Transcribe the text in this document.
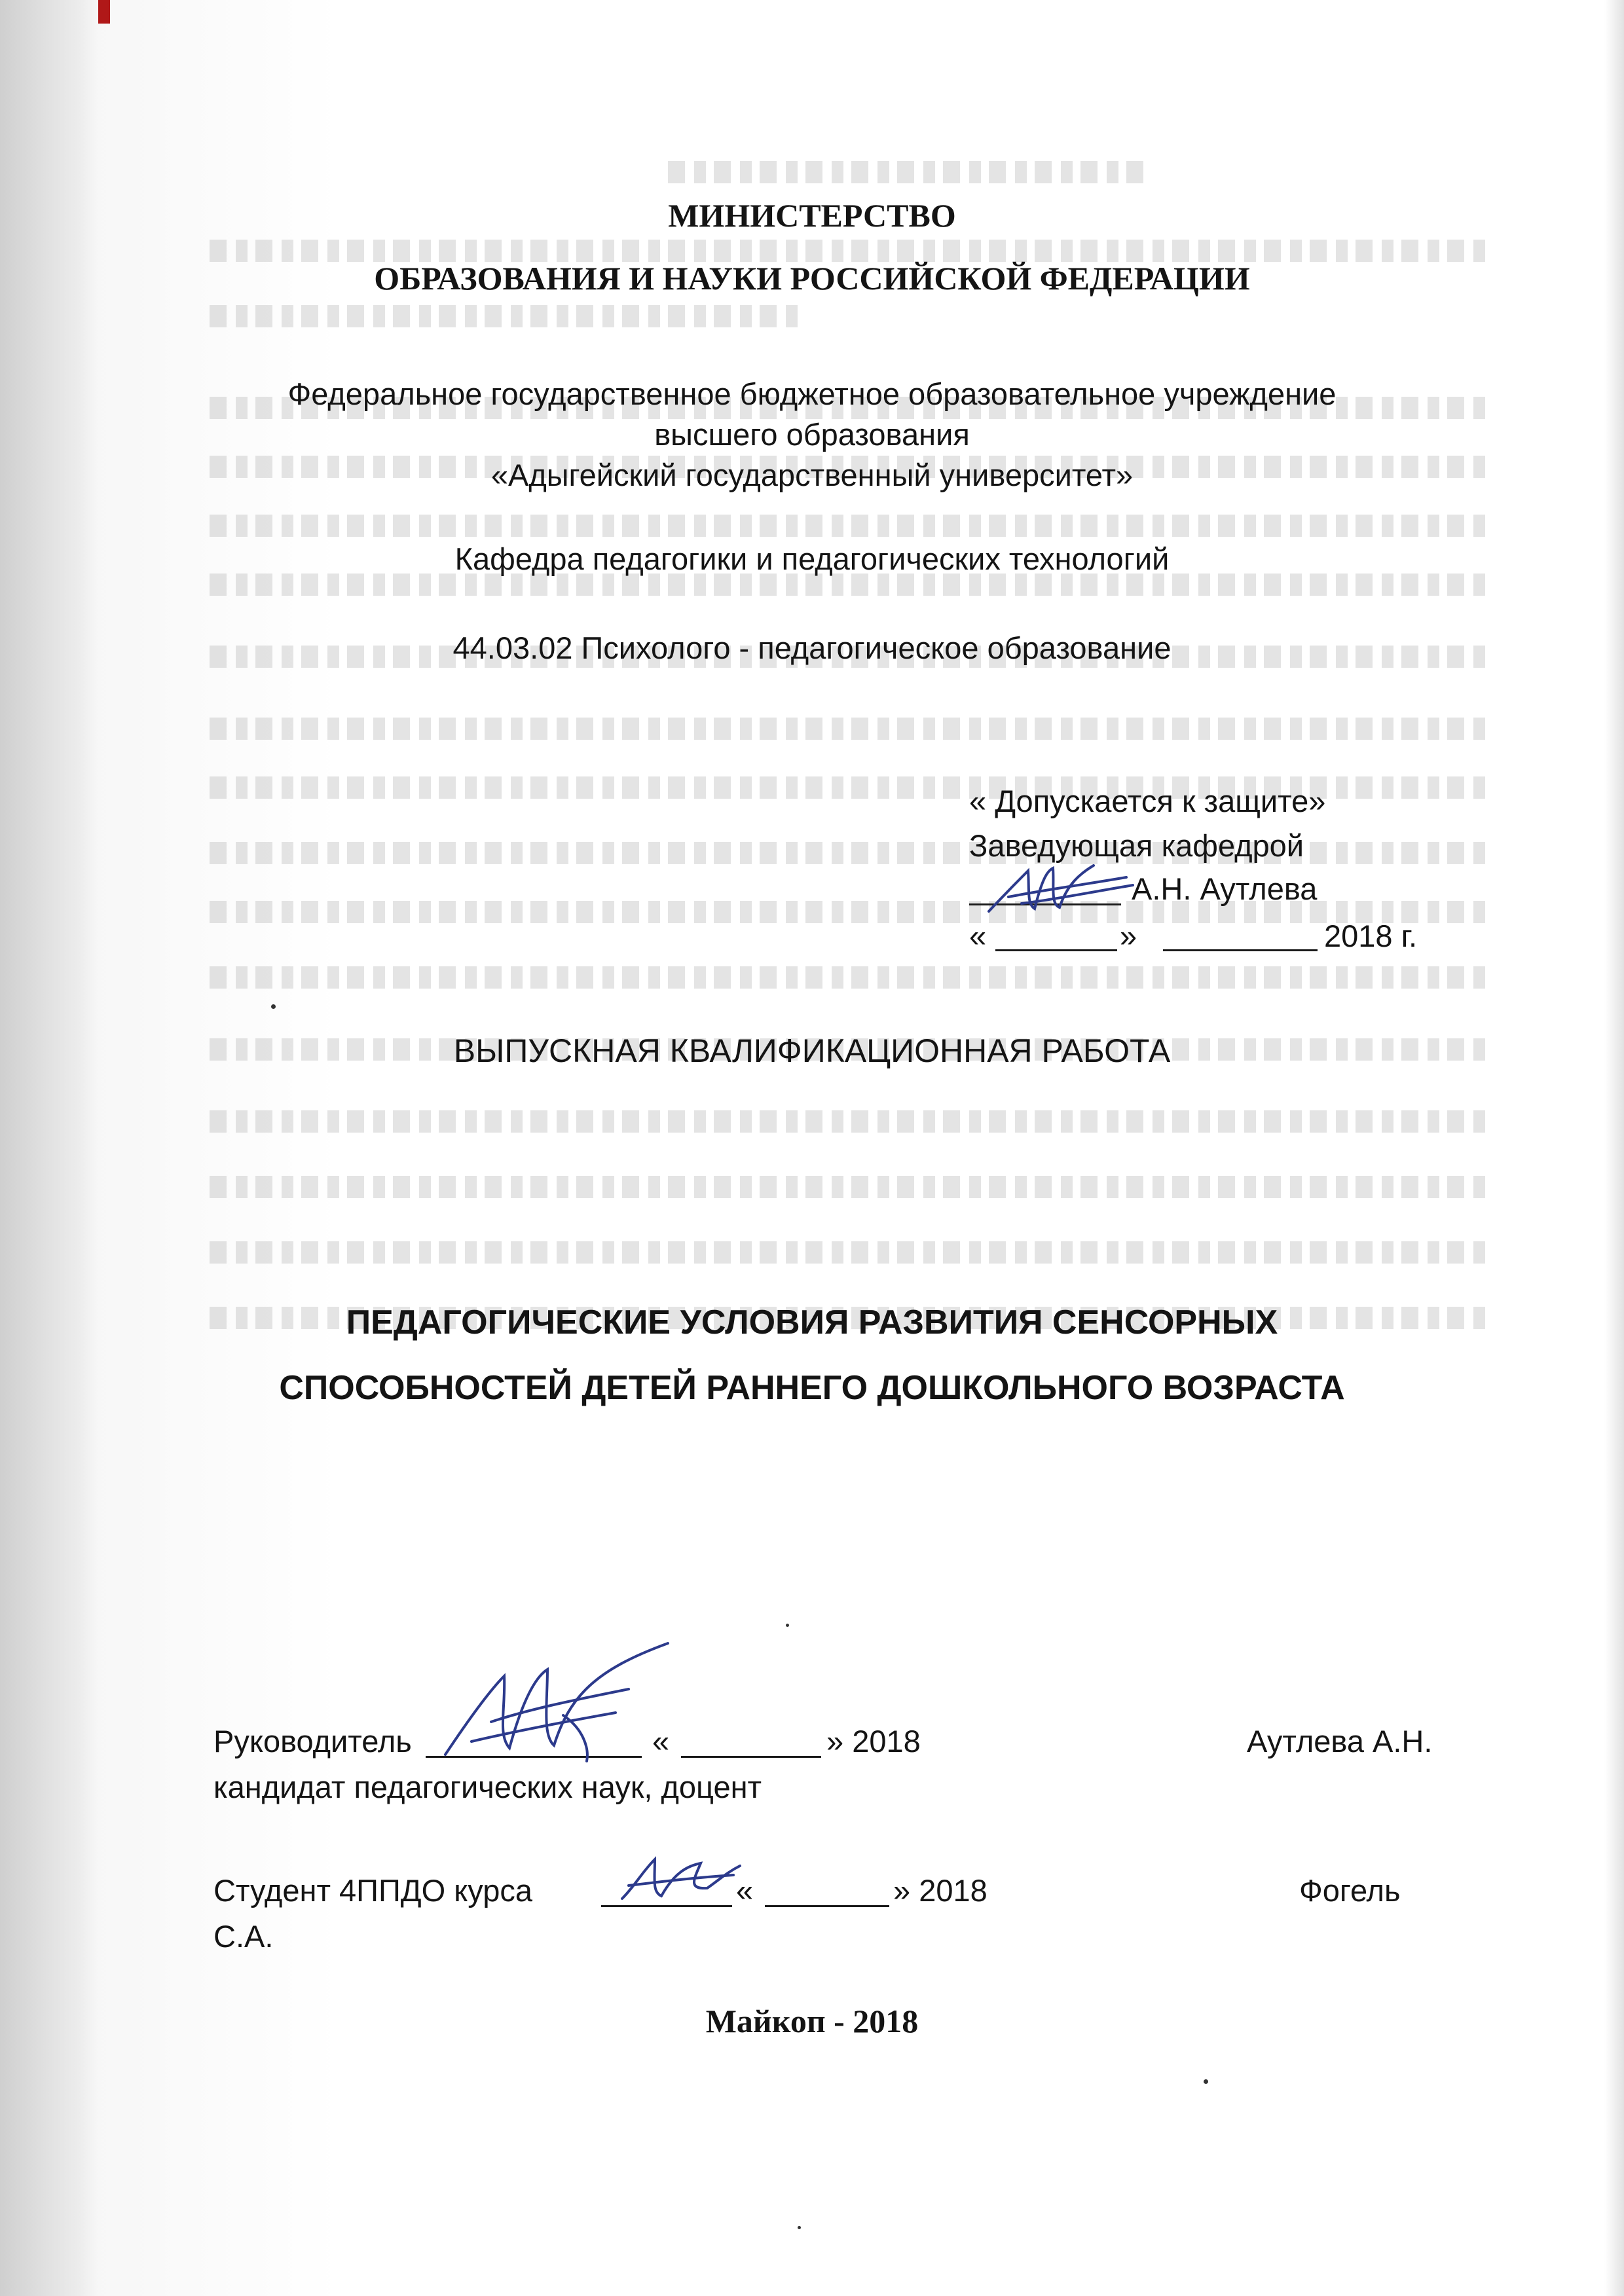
МИНИСТЕРСТВО
ОБРАЗОВАНИЯ И НАУКИ РОССИЙСКОЙ ФЕДЕРАЦИИ
Федеральное государственное бюджетное образовательное учреждение
высшего образования
«Адыгейский государственный университет»
Кафедра педагогики и педагогических технологий
44.03.02 Психолого - педагогическое образование
« Допускается к защите»
Заведующая кафедрой
А.Н. Аутлева
«	»	2018 г.
ВЫПУСКНАЯ КВАЛИФИКАЦИОННАЯ РАБОТА
ПЕДАГОГИЧЕСКИЕ УСЛОВИЯ РАЗВИТИЯ СЕНСОРНЫХ
СПОСОБНОСТЕЙ ДЕТЕЙ РАННЕГО ДОШКОЛЬНОГО ВОЗРАСТА
Руководитель	«	» 2018	Аутлева А.Н.
кандидат педагогических наук, доцент
Студент 4ППДО курса	«	» 2018	Фогель
С.А.
Майкоп - 2018
